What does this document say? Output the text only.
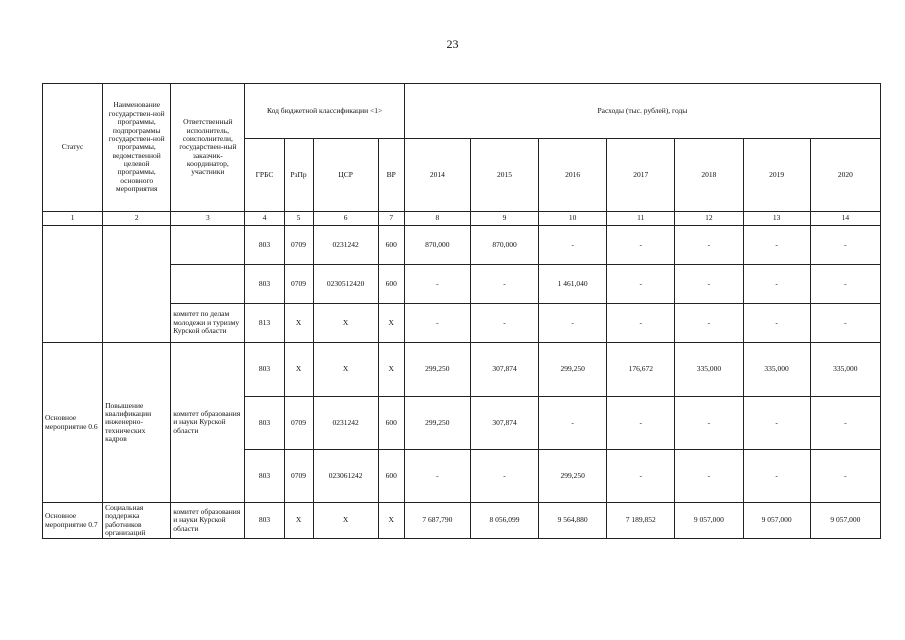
23
Статус	Наименование государствен-ной программы, подпрограммы государствен-ной программы, ведомственной целевой программы, основного мероприятия	Ответственный исполнитель, соисполнители, государствен-ный заказчик-координатор, участники	Код бюджетной классификации <1>				Расходы (тыс. рублей), годы						
			ГРБС	РзПр	ЦСР	ВР	2014	2015	2016	2017	2018	2019	2020
1	2	3	4	5	6	7	8	9	10	11	12	13	14
			803	0709	0231242	600	870,000	870,000	-	-	-	-	-
			803	0709	0230512420	600	-	-	1 461,040	-	-	-	-
		комитет по делам молодежи и туризму Курской области	813	X	X	X	-	-	-	-	-	-	-
Основное мероприятие 0.6	Повышение квалификации инженерно-технических кадров	комитет образования и науки Курской области	803	X	X	X	299,250	307,874	299,250	176,672	335,000	335,000	335,000
			803	0709	0231242	600	299,250	307,874	-	-	-	-	-
			803	0709	023061242	600	-	-	299,250	-	-	-	-
Основное мероприятие 0.7	Социальная поддержка работников организаций	комитет образования и науки Курской области	803	X	X	X	7 687,790	8 056,099	9 564,880	7 189,852	9 057,000	9 057,000	9 057,000
